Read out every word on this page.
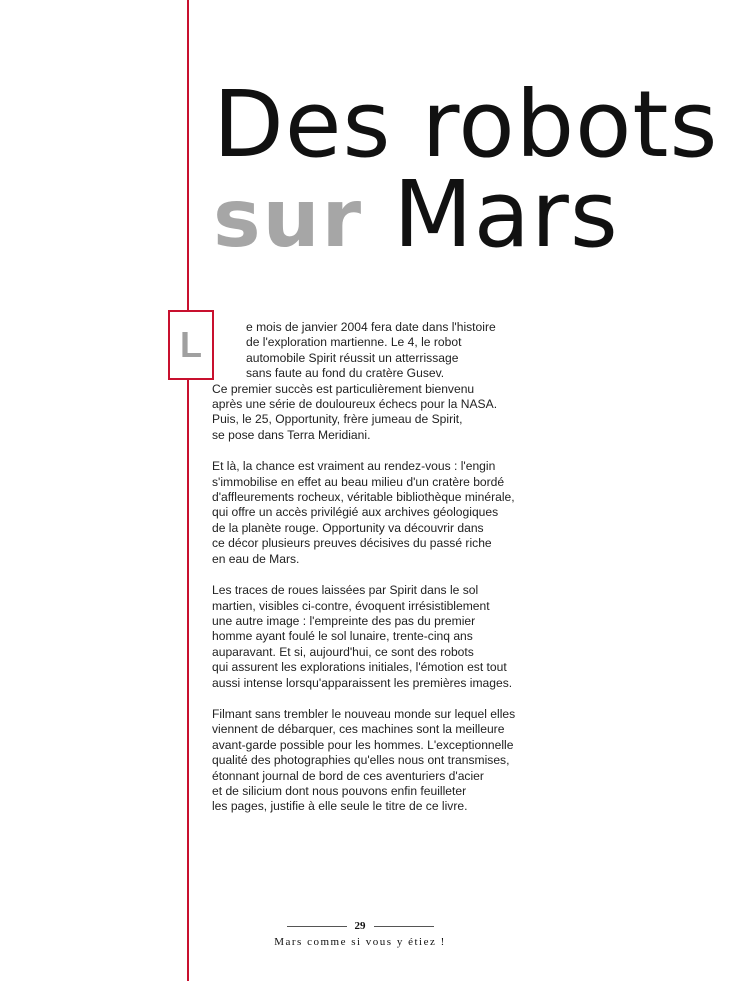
Des robots
sur Mars
L	e mois de janvier 2004 fera date dans l'histoire
de l'exploration martienne. Le 4, le robot
automobile Spirit réussit un atterrissage
sans faute au fond du cratère Gusev.
Ce premier succès est particulièrement bienvenu
après une série de douloureux échecs pour la NASA.
Puis, le 25, Opportunity, frère jumeau de Spirit,
se pose dans Terra Meridiani.

Et là, la chance est vraiment au rendez-vous : l'engin
s'immobilise en effet au beau milieu d'un cratère bordé
d'affleurements rocheux, véritable bibliothèque minérale,
qui offre un accès privilégié aux archives géologiques
de la planète rouge. Opportunity va découvrir dans
ce décor plusieurs preuves décisives du passé riche
en eau de Mars.

Les traces de roues laissées par Spirit dans le sol
martien, visibles ci-contre, évoquent irrésistiblement
une autre image : l'empreinte des pas du premier
homme ayant foulé le sol lunaire, trente-cinq ans
auparavant. Et si, aujourd'hui, ce sont des robots
qui assurent les explorations initiales, l'émotion est tout
aussi intense lorsqu'apparaissent les premières images.

Filmant sans trembler le nouveau monde sur lequel elles
viennent de débarquer, ces machines sont la meilleure
avant-garde possible pour les hommes. L'exceptionnelle
qualité des photographies qu'elles nous ont transmises,
étonnant journal de bord de ces aventuriers d'acier
et de silicium dont nous pouvons enfin feuilleter
les pages, justifie à elle seule le titre de ce livre.

29
Mars comme si vous y étiez !
